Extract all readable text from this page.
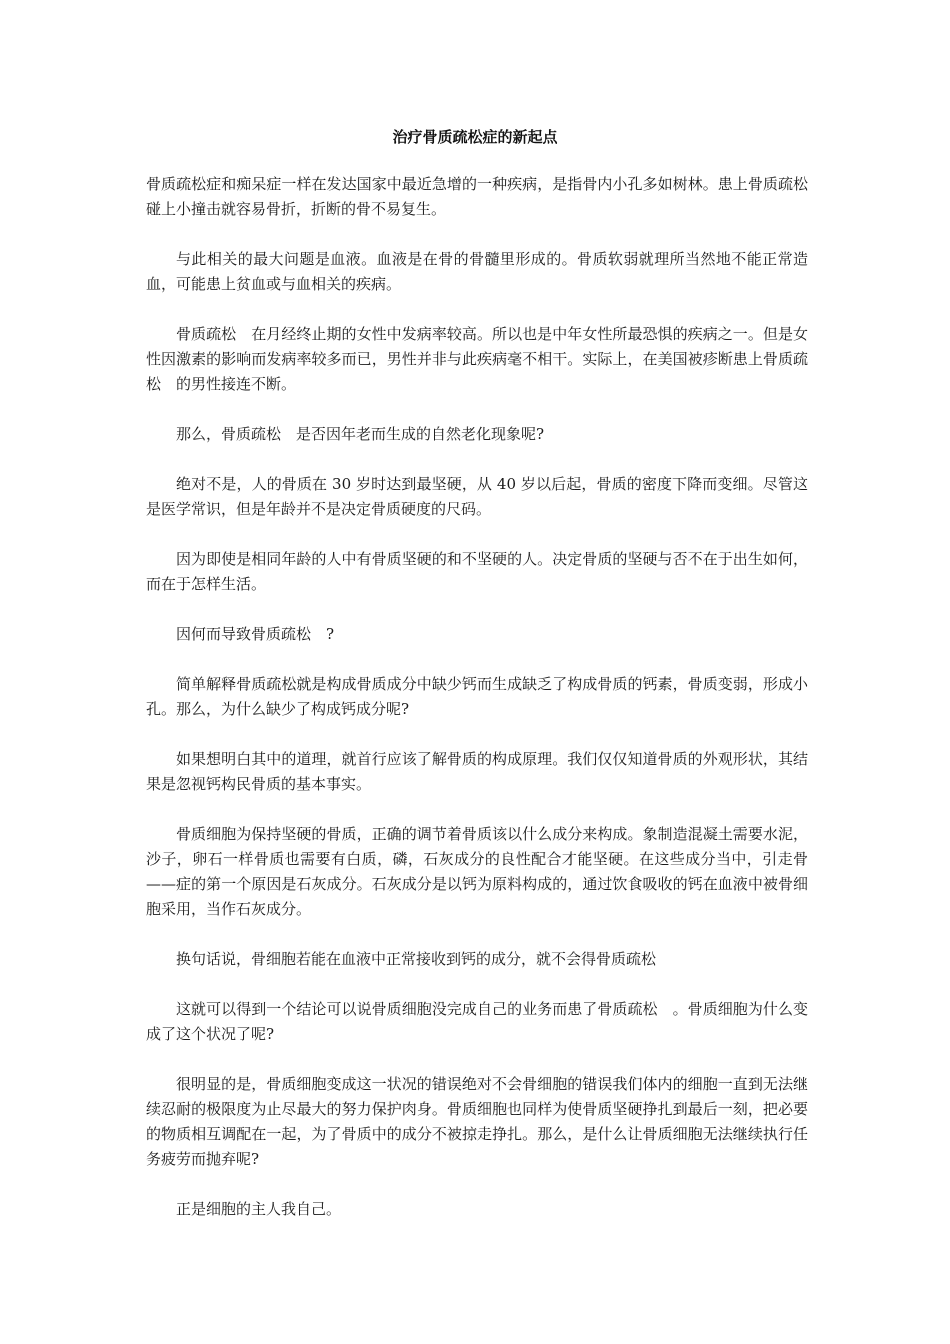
治疗骨质疏松症的新起点

骨质疏松症和痴呆症一样在发达国家中最近急增的一种疾病，是指骨内小孔多如树林。患上骨质疏松　碰上小撞击就容易骨折，折断的骨不易复生。

与此相关的最大问题是血液。血液是在骨的骨髓里形成的。骨质软弱就理所当然地不能正常造血，可能患上贫血或与血相关的疾病。

骨质疏松　在月经终止期的女性中发病率较高。所以也是中年女性所最恐惧的疾病之一。但是女性因激素的影响而发病率较多而已，男性并非与此疾病毫不相干。实际上，在美国被疹断患上骨质疏松　的男性接连不断。

那么，骨质疏松　是否因年老而生成的自然老化现象呢?

绝对不是，人的骨质在 30 岁时达到最坚硬，从 40 岁以后起，骨质的密度下降而变细。尽管这是医学常识，但是年龄并不是决定骨质硬度的尺码。

因为即使是相同年龄的人中有骨质坚硬的和不坚硬的人。决定骨质的坚硬与否不在于出生如何，而在于怎样生活。

因何而导致骨质疏松　?

简单解释骨质疏松就是构成骨质成分中缺少钙而生成缺乏了构成骨质的钙素，骨质变弱，形成小孔。那么，为什么缺少了构成钙成分呢?

如果想明白其中的道理，就首行应该了解骨质的构成原理。我们仅仅知道骨质的外观形状，其结果是忽视钙构民骨质的基本事实。

骨质细胞为保持坚硬的骨质，正确的调节着骨质该以什么成分来构成。象制造混凝土需要水泥，沙子，卵石一样骨质也需要有白质，磷，石灰成分的良性配合才能坚硬。在这些成分当中，引走骨——症的第一个原因是石灰成分。石灰成分是以钙为原料构成的，通过饮食吸收的钙在血液中被骨细胞采用，当作石灰成分。

换句话说，骨细胞若能在血液中正常接收到钙的成分，就不会得骨质疏松

这就可以得到一个结论可以说骨质细胞没完成自己的业务而患了骨质疏松　。骨质细胞为什么变成了这个状况了呢?

很明显的是，骨质细胞变成这一状况的错误绝对不会骨细胞的错误我们体内的细胞一直到无法继续忍耐的极限度为止尽最大的努力保护肉身。骨质细胞也同样为使骨质坚硬挣扎到最后一刻，把必要的物质相互调配在一起，为了骨质中的成分不被掠走挣扎。那么，是什么让骨质细胞无法继续执行任务疲劳而抛弃呢?

正是细胞的主人我自己。
